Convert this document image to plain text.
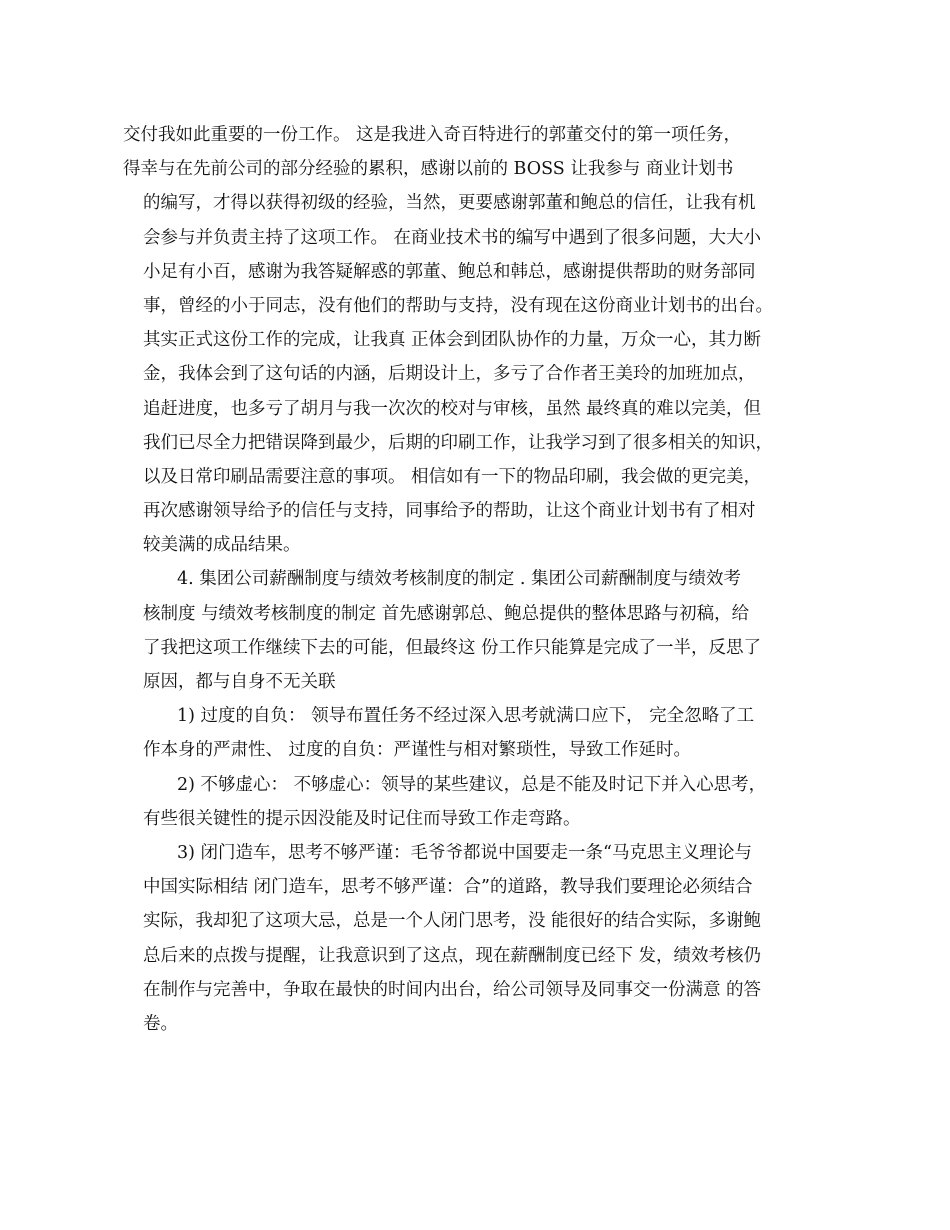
交付我如此重要的一份工作。 这是我进入奇百特进行的郭董交付的第一项任务，
得幸与在先前公司的部分经验的累积，感谢以前的 BOSS 让我参与 商业计划书
的编写，才得以获得初级的经验，当然，更要感谢郭董和鲍总的信任，让我有机
会参与并负责主持了这项工作。 在商业技术书的编写中遇到了很多问题，大大小
小足有小百，感谢为我答疑解惑的郭董、鲍总和韩总，感谢提供帮助的财务部同
事，曾经的小于同志，没有他们的帮助与支持，没有现在这份商业计划书的出台。
其实正式这份工作的完成，让我真 正体会到团队协作的力量，万众一心，其力断
金，我体会到了这句话的内涵，后期设计上，多亏了合作者王美玲的加班加点，
追赶进度，也多亏了胡月与我一次次的校对与审核，虽然 最终真的难以完美，但
我们已尽全力把错误降到最少，后期的印刷工作，让我学习到了很多相关的知识，
以及日常印刷品需要注意的事项。 相信如有一下的物品印刷，我会做的更完美，
再次感谢领导给予的信任与支持，同事给予的帮助，让这个商业计划书有了相对
较美满的成品结果。
4. 集团公司薪酬制度与绩效考核制度的制定 . 集团公司薪酬制度与绩效考
核制度 与绩效考核制度的制定 首先感谢郭总、鲍总提供的整体思路与初稿，给
了我把这项工作继续下去的可能，但最终这 份工作只能算是完成了一半，反思了
原因，都与自身不无关联
1) 过度的自负： 领导布置任务不经过深入思考就满口应下， 完全忽略了工
作本身的严肃性、 过度的自负：严谨性与相对繁琐性，导致工作延时。
2) 不够虚心： 不够虚心：领导的某些建议，总是不能及时记下并入心思考，
有些很关键性的提示因没能及时记住而导致工作走弯路。
3) 闭门造车，思考不够严谨：毛爷爷都说中国要走一条“马克思主义理论与
中国实际相结 闭门造车，思考不够严谨：合”的道路，教导我们要理论必须结合
实际，我却犯了这项大忌，总是一个人闭门思考，没 能很好的结合实际，多谢鲍
总后来的点拨与提醒，让我意识到了这点，现在薪酬制度已经下 发，绩效考核仍
在制作与完善中，争取在最快的时间内出台，给公司领导及同事交一份满意 的答
卷。
